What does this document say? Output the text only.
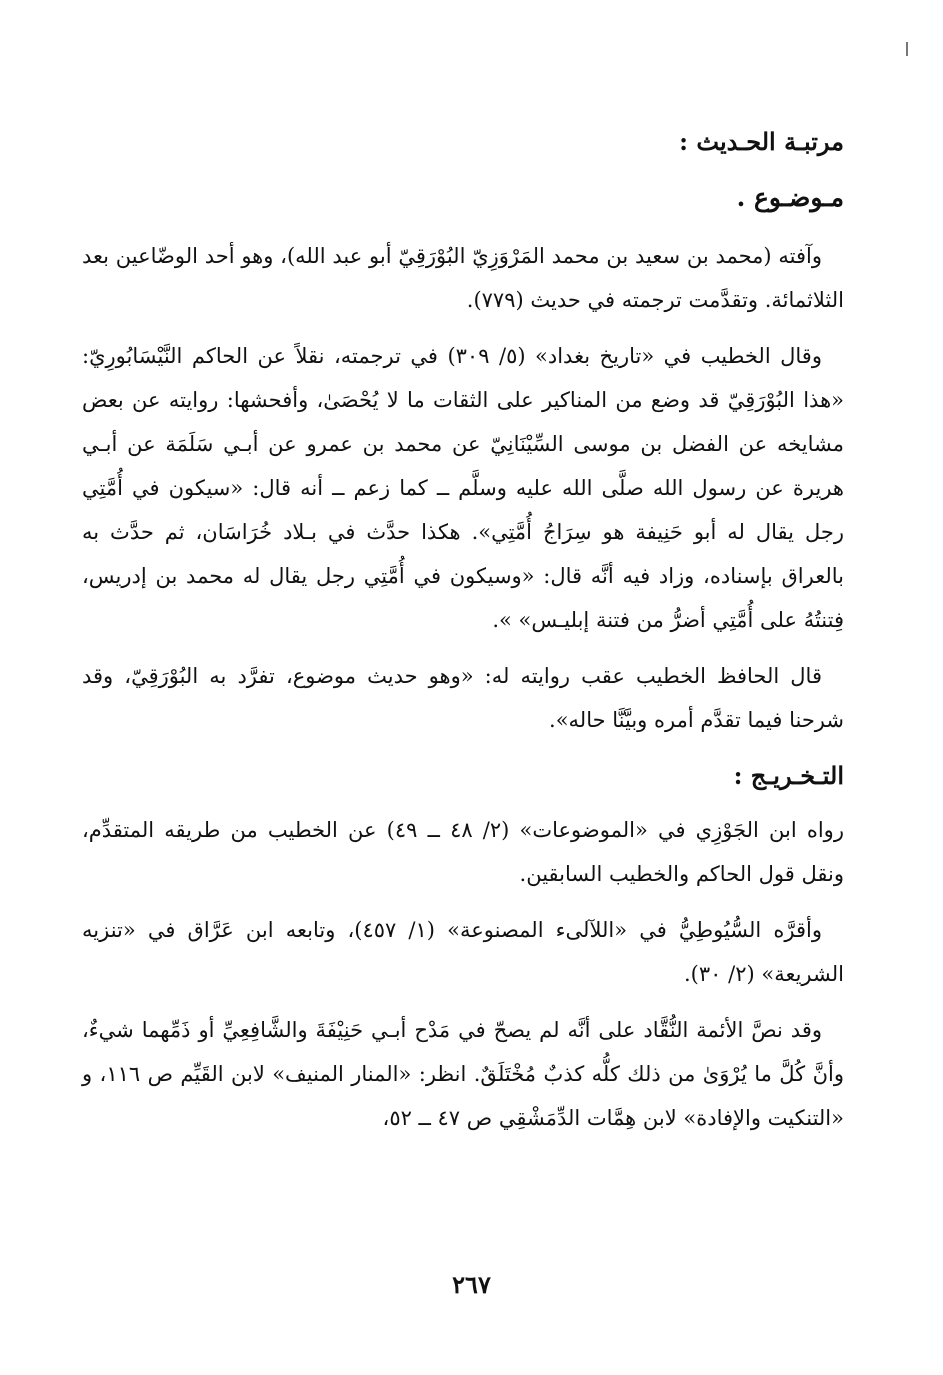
مرتبـة الحـديث :
مـوضـوع .

وآفته (محمد بن سعيد بن محمد المَرْوَزِيّ البُوْرَقِيّ أبو عبد الله)، وهو أحد الوضّاعين بعد الثلاثمائة. وتقدَّمت ترجمته في حديث (٧٧٩).

وقال الخطيب في «تاريخ بغداد» (٥/ ٣٠٩) في ترجمته، نقلاً عن الحاكم النَّيْسَابُورِيّ: «هذا البُوْرَقِيّ قد وضع من المناكير على الثقات ما لا يُحْصَىٰ، وأفحشها: روايته عن بعض مشايخه عن الفضل بن موسى السِّيْنَانِيّ عن محمد بن عمرو عن أبـي سَلَمَة عن أبـي هريرة عن رسول الله صلَّى الله عليه وسلَّم ــ كما زعم ــ أنه قال: «سيكون في أُمَّتِي رجل يقال له أبو حَنِيفة هو سِرَاجُ أُمَّتِي». هكذا حدَّث في بـلاد خُرَاسَان، ثم حدَّث به بالعراق بإسناده، وزاد فيه أنَّه قال: «وسيكون في أُمَّتِي رجل يقال له محمد بن إدريس، فِتنتُهُ على أُمَّتِي أضرُّ من فتنة إبليـس» ».

قال الحافظ الخطيب عقب روايته له: «وهو حديث موضوع، تفرَّد به البُوْرَقِيّ، وقد شرحنا فيما تقدَّم أمره وبيَّنَّا حاله».

التـخـريـج :

رواه ابن الجَوْزِي في «الموضوعات» (٢/ ٤٨ ــ ٤٩) عن الخطيب من طريقه المتقدِّم، ونقل قول الحاكم والخطيب السابقين.

وأقرَّه السُّيُوطِيُّ في «اللآلىء المصنوعة» (١/ ٤٥٧)، وتابعه ابن عَرَّاق في «تنزيه الشريعة» (٢/ ٣٠).

وقد نصَّ الأئمة النُّقَّاد على أنَّه لم يصحّ في مَدْح أبـي حَنِيْفَةَ والشَّافِعِيِّ أو ذَمِّهما شيءٌ، وأنَّ كُلَّ ما يُرْوَىٰ من ذلك كلُّه كذبٌ مُخْتَلَقٌ. انظر: «المنار المنيف» لابن القَيِّم ص ١١٦، و «التنكيت والإفادة» لابن هِمَّات الدِّمَشْقِي ص ٤٧ ــ ٥٢،

٢٦٧
